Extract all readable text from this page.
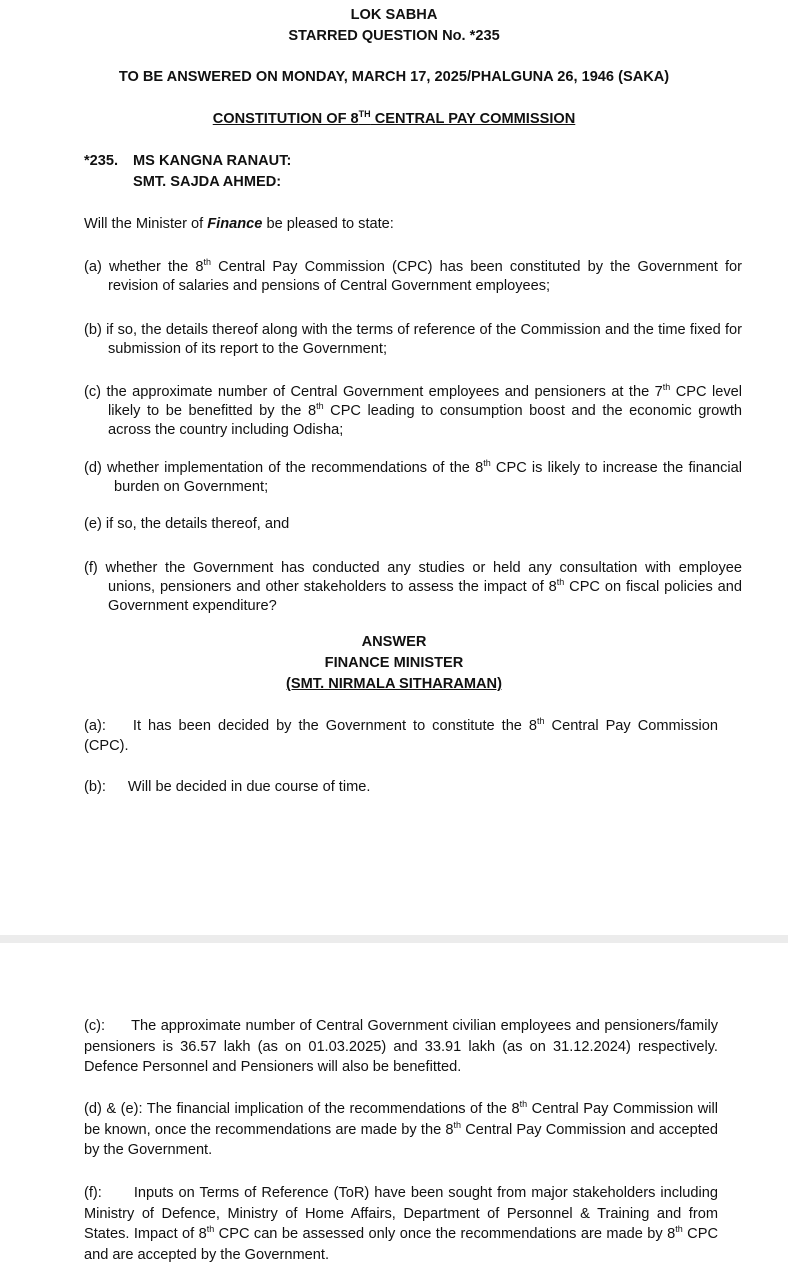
LOK SABHA
STARRED QUESTION No. *235
TO BE ANSWERED ON MONDAY, MARCH 17, 2025/PHALGUNA 26, 1946 (SAKA)
CONSTITUTION OF 8TH CENTRAL PAY COMMISSION
*235. MS KANGNA RANAUT:
SMT. SAJDA AHMED:
Will the Minister of Finance be pleased to state:
(a) whether the 8th Central Pay Commission (CPC) has been constituted by the Government for revision of salaries and pensions of Central Government employees;
(b) if so, the details thereof along with the terms of reference of the Commission and the time fixed for submission of its report to the Government;
(c) the approximate number of Central Government employees and pensioners at the 7th CPC level likely to be benefitted by the 8th CPC leading to consumption boost and the economic growth across the country including Odisha;
(d) whether implementation of the recommendations of the 8th CPC is likely to increase the financial burden on Government;
(e) if so, the details thereof, and
(f) whether the Government has conducted any studies or held any consultation with employee unions, pensioners and other stakeholders to assess the impact of 8th CPC on fiscal policies and Government expenditure?
ANSWER
FINANCE MINISTER
(SMT. NIRMALA SITHARAMAN)
(a): It has been decided by the Government to constitute the 8th Central Pay Commission (CPC).
(b): Will be decided in due course of time.
(c): The approximate number of Central Government civilian employees and pensioners/family pensioners is 36.57 lakh (as on 01.03.2025) and 33.91 lakh (as on 31.12.2024) respectively. Defence Personnel and Pensioners will also be benefitted.
(d) & (e): The financial implication of the recommendations of the 8th Central Pay Commission will be known, once the recommendations are made by the 8th Central Pay Commission and accepted by the Government.
(f): Inputs on Terms of Reference (ToR) have been sought from major stakeholders including Ministry of Defence, Ministry of Home Affairs, Department of Personnel & Training and from States. Impact of 8th CPC can be assessed only once the recommendations are made by 8th CPC and are accepted by the Government.
